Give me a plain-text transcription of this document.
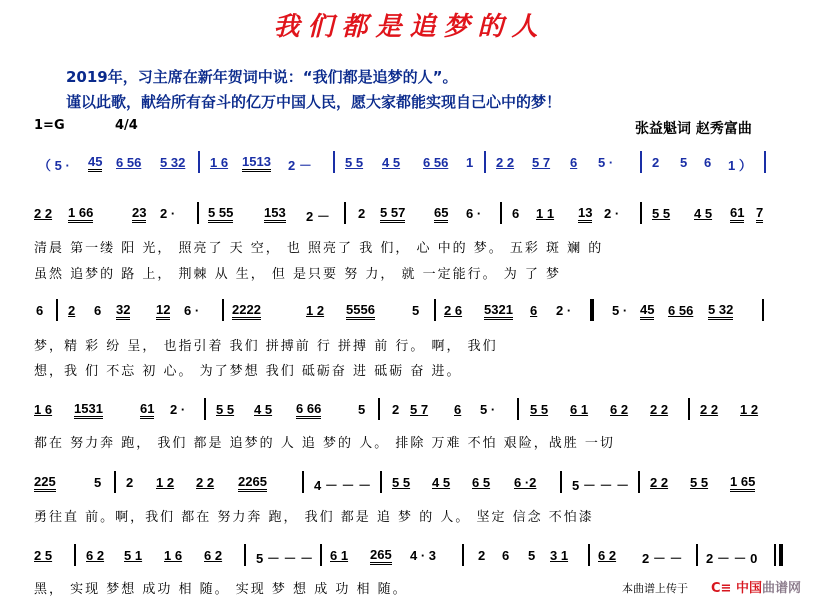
我们都是追梦的人
2019年，习主席在新年贺词中说：“我们都是追梦的人”。
谨以此歌，献给所有奋斗的亿万中国人民，愿大家都能实现自己心中的梦！
1=G	4/4	张益魁词 赵秀富曲
（ 5 · 45 6 56 5 32 1 6 1513 2 －	5 5 4 5 6 56 1 2 2 5 7 6 5 ·	2 5 6 1 ）
2 2 1 66	23 2 ·	5 55 153 2 － 2 5 57 65 6 · 6 1 1 13 2 ·	5 5 4 5 61 7
清晨 第一缕 阳 光， 照亮了 天 空， 也 照亮了 我 们， 心 中的 梦。 五彩 斑 斓 的
虽然 追梦的 路 上， 荆棘 从 生， 但 是只要 努 力， 就 一定能行。 为 了 梦
6 2 6 32 12 6 ·	2222	1 2 5556	5 2 6 5321 6 2 ·	5 · 45 6 56 5 32
梦，精 彩 纷 呈， 也指引着 我们 拼搏前 行 拼搏 前 行。 啊， 我们
想，我 们 不忘 初 心。 为了梦想 我们 砥砺奋 进 砥砺 奋 进。
1 6 1531	61 2 · 5 5 4 5 6 66	5 2 5 7 6 5 ·	5 5 6 1 6 2 2 2 2 2 1 2
都在 努力奔 跑， 我们 都是 追梦的 人 追 梦的 人。 排除 万难 不怕 艰险，战胜 一切
225	5 2 1 2 2 2 2265	4 － － － 5 5 4 5 6 5 6 ·2	5 － － － 2 2 5 5 1 65
勇往直 前。啊，我们 都在 努力奔 跑， 我们 都是 追 梦 的 人。 坚定 信念 不怕漆
2 5	6 2 5 1 1 6 6 2	5 － － － 6 1 265 4 · 3	2 6 5 3 1 6 2 2 － － 2 － － 0
黑， 实现 梦想 成功 相 随。 实现 梦 想 成 功 相 随。	本曲谱上传于 C≡ 中国曲谱网
